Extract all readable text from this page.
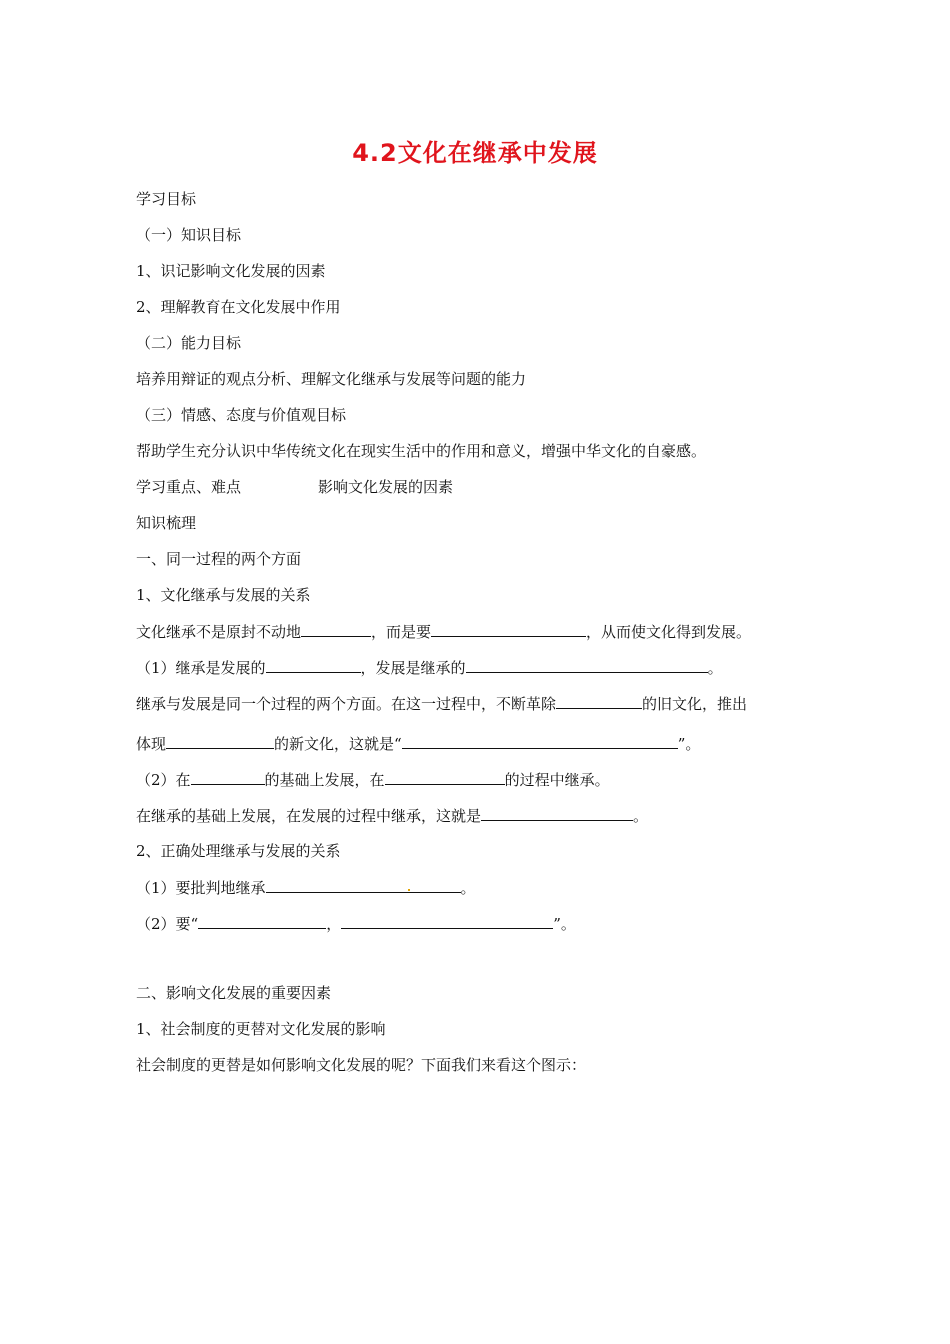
4.2文化在继承中发展
学习目标
（一）知识目标
1、识记影响文化发展的因素
2、理解教育在文化发展中作用
（二）能力目标
培养用辩证的观点分析、理解文化继承与发展等问题的能力
（三）情感、态度与价值观目标
帮助学生充分认识中华传统文化在现实生活中的作用和意义，增强中华文化的自豪感。
学习重点、难点	影响文化发展的因素
知识梳理
一、同一过程的两个方面
1、文化继承与发展的关系
文化继承不是原封不动地	，而是要	，从而使文化得到发展。
（1）继承是发展的	，发展是继承的	。
继承与发展是同一个过程的两个方面。在这一过程中，不断革除	的旧文化，推出
体现	的新文化，这就是“	”。
（2）在	的基础上发展，在	的过程中继承。
在继承的基础上发展，在发展的过程中继承，这就是	。
2、正确处理继承与发展的关系
（1）要批判地继承	。
（2）要“	，	”。
二、影响文化发展的重要因素
1、社会制度的更替对文化发展的影响
社会制度的更替是如何影响文化发展的呢？下面我们来看这个图示：
